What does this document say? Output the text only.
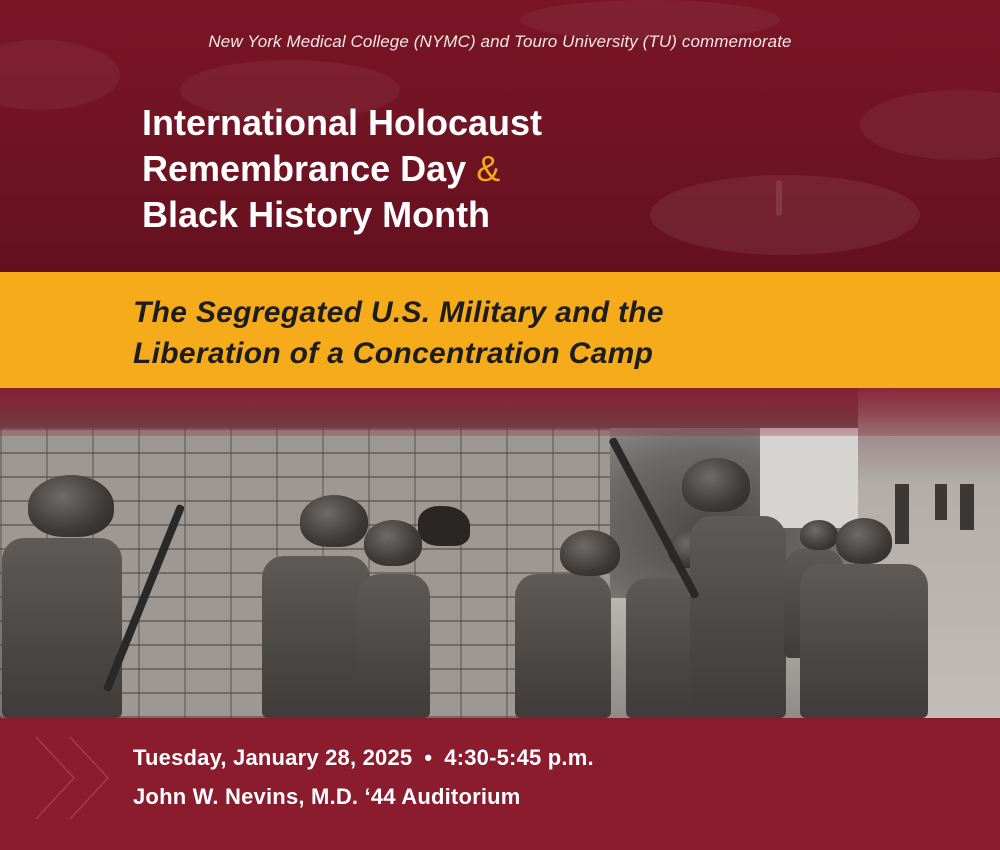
New York Medical College (NYMC) and Touro University (TU) commemorate
International Holocaust
Remembrance Day &
Black History Month
The Segregated U.S. Military and the
Liberation of a Concentration Camp
Tuesday, January 28, 2025 • 4:30-5:45 p.m.
John W. Nevins, M.D. ‘44 Auditorium
